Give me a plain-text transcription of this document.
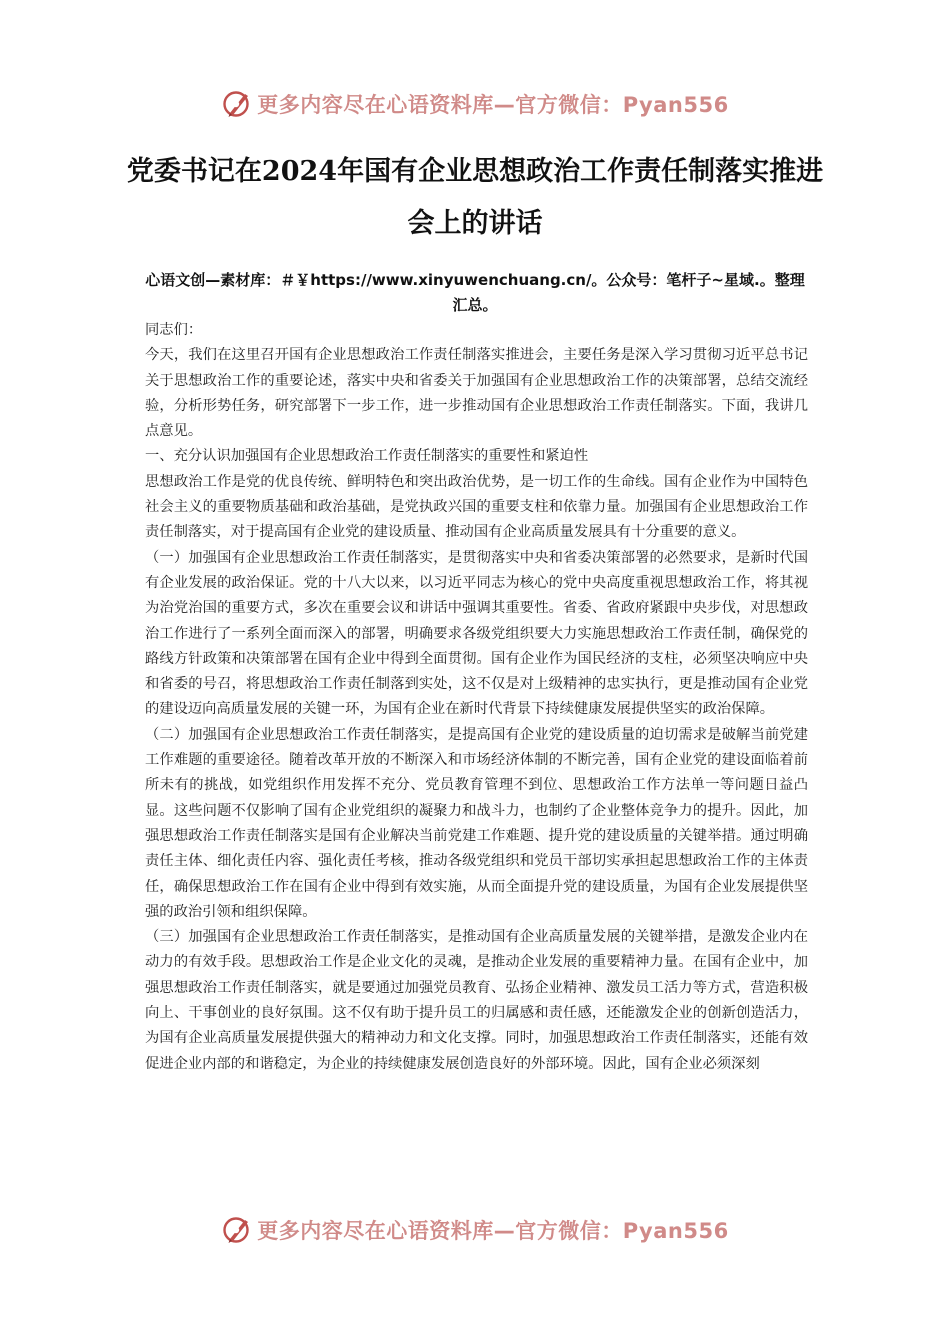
更多内容尽在心语资料库—官方微信：Pyan556
党委书记在2024年国有企业思想政治工作责任制落实推进会上的讲话

心语文创—素材库：＃￥https://www.xinyuwenchuang.cn/。公众号：笔杆子~星域.。整理汇总。

同志们：

今天，我们在这里召开国有企业思想政治工作责任制落实推进会，主要任务是深入学习贯彻习近平总书记关于思想政治工作的重要论述，落实中央和省委关于加强国有企业思想政治工作的决策部署，总结交流经验，分析形势任务，研究部署下一步工作，进一步推动国有企业思想政治工作责任制落实。下面，我讲几点意见。

一、充分认识加强国有企业思想政治工作责任制落实的重要性和紧迫性

思想政治工作是党的优良传统、鲜明特色和突出政治优势，是一切工作的生命线。国有企业作为中国特色社会主义的重要物质基础和政治基础，是党执政兴国的重要支柱和依靠力量。加强国有企业思想政治工作责任制落实，对于提高国有企业党的建设质量、推动国有企业高质量发展具有十分重要的意义。

（一）加强国有企业思想政治工作责任制落实，是贯彻落实中央和省委决策部署的必然要求，是新时代国有企业发展的政治保证。党的十八大以来，以习近平同志为核心的党中央高度重视思想政治工作，将其视为治党治国的重要方式，多次在重要会议和讲话中强调其重要性。省委、省政府紧跟中央步伐，对思想政治工作进行了一系列全面而深入的部署，明确要求各级党组织要大力实施思想政治工作责任制，确保党的路线方针政策和决策部署在国有企业中得到全面贯彻。国有企业作为国民经济的支柱，必须坚决响应中央和省委的号召，将思想政治工作责任制落到实处，这不仅是对上级精神的忠实执行，更是推动国有企业党的建设迈向高质量发展的关键一环，为国有企业在新时代背景下持续健康发展提供坚实的政治保障。

（二）加强国有企业思想政治工作责任制落实，是提高国有企业党的建设质量的迫切需求是破解当前党建工作难题的重要途径。随着改革开放的不断深入和市场经济体制的不断完善，国有企业党的建设面临着前所未有的挑战，如党组织作用发挥不充分、党员教育管理不到位、思想政治工作方法单一等问题日益凸显。这些问题不仅影响了国有企业党组织的凝聚力和战斗力，也制约了企业整体竞争力的提升。因此，加强思想政治工作责任制落实是国有企业解决当前党建工作难题、提升党的建设质量的关键举措。通过明确责任主体、细化责任内容、强化责任考核，推动各级党组织和党员干部切实承担起思想政治工作的主体责任，确保思想政治工作在国有企业中得到有效实施，从而全面提升党的建设质量，为国有企业发展提供坚强的政治引领和组织保障。

（三）加强国有企业思想政治工作责任制落实，是推动国有企业高质量发展的关键举措，是激发企业内在动力的有效手段。思想政治工作是企业文化的灵魂，是推动企业发展的重要精神力量。在国有企业中，加强思想政治工作责任制落实，就是要通过加强党员教育、弘扬企业精神、激发员工活力等方式，营造积极向上、干事创业的良好氛围。这不仅有助于提升员工的归属感和责任感，还能激发企业的创新创造活力，为国有企业高质量发展提供强大的精神动力和文化支撑。同时，加强思想政治工作责任制落实，还能有效促进企业内部的和谐稳定，为企业的持续健康发展创造良好的外部环境。因此，国有企业必须深刻

更多内容尽在心语资料库—官方微信：Pyan556
